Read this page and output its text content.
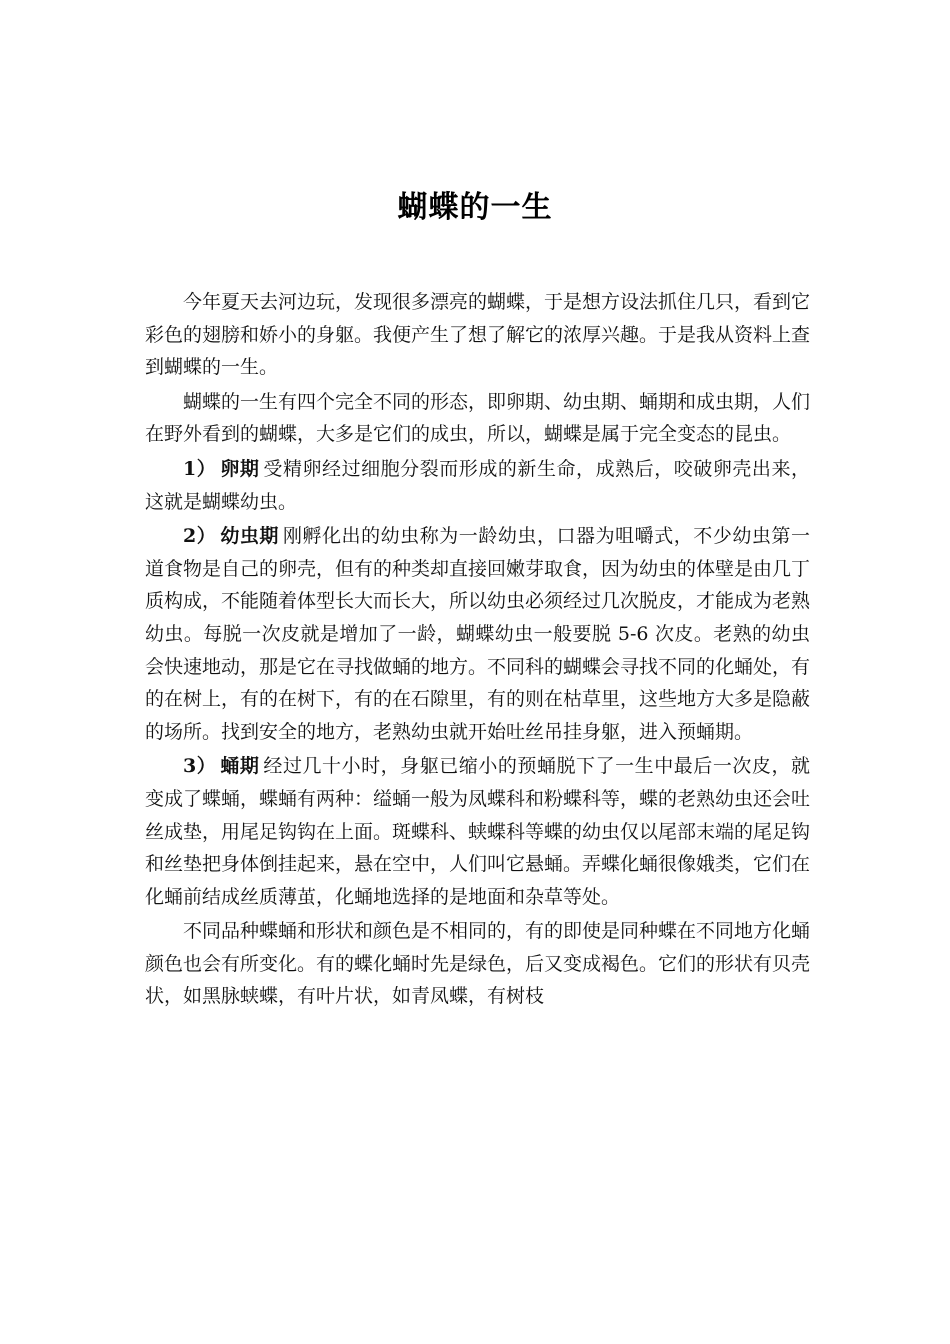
蝴蝶的一生

今年夏天去河边玩，发现很多漂亮的蝴蝶，于是想方设法抓住几只，看到它彩色的翅膀和娇小的身躯。我便产生了想了解它的浓厚兴趣。于是我从资料上查到蝴蝶的一生。

蝴蝶的一生有四个完全不同的形态，即卵期、幼虫期、蛹期和成虫期，人们在野外看到的蝴蝶，大多是它们的成虫，所以，蝴蝶是属于完全变态的昆虫。

1） 卵期 受精卵经过细胞分裂而形成的新生命，成熟后，咬破卵壳出来，这就是蝴蝶幼虫。

2） 幼虫期 刚孵化出的幼虫称为一龄幼虫，口器为咀嚼式，不少幼虫第一道食物是自己的卵壳，但有的种类却直接回嫩芽取食，因为幼虫的体壁是由几丁质构成，不能随着体型长大而长大，所以幼虫必须经过几次脱皮，才能成为老熟幼虫。每脱一次皮就是增加了一龄，蝴蝶幼虫一般要脱 5-6 次皮。老熟的幼虫会快速地动，那是它在寻找做蛹的地方。不同科的蝴蝶会寻找不同的化蛹处，有的在树上，有的在树下，有的在石隙里，有的则在枯草里，这些地方大多是隐蔽的场所。找到安全的地方，老熟幼虫就开始吐丝吊挂身躯，进入预蛹期。

3） 蛹期 经过几十小时，身躯已缩小的预蛹脱下了一生中最后一次皮，就变成了蝶蛹，蝶蛹有两种：缢蛹一般为凤蝶科和粉蝶科等，蝶的老熟幼虫还会吐丝成垫，用尾足钩钩在上面。斑蝶科、蛱蝶科等蝶的幼虫仅以尾部末端的尾足钩和丝垫把身体倒挂起来，悬在空中，人们叫它悬蛹。弄蝶化蛹很像娥类，它们在化蛹前结成丝质薄茧，化蛹地选择的是地面和杂草等处。

不同品种蝶蛹和形状和颜色是不相同的，有的即使是同种蝶在不同地方化蛹颜色也会有所变化。有的蝶化蛹时先是绿色，后又变成褐色。它们的形状有贝壳状，如黑脉蛱蝶，有叶片状，如青凤蝶，有树枝
